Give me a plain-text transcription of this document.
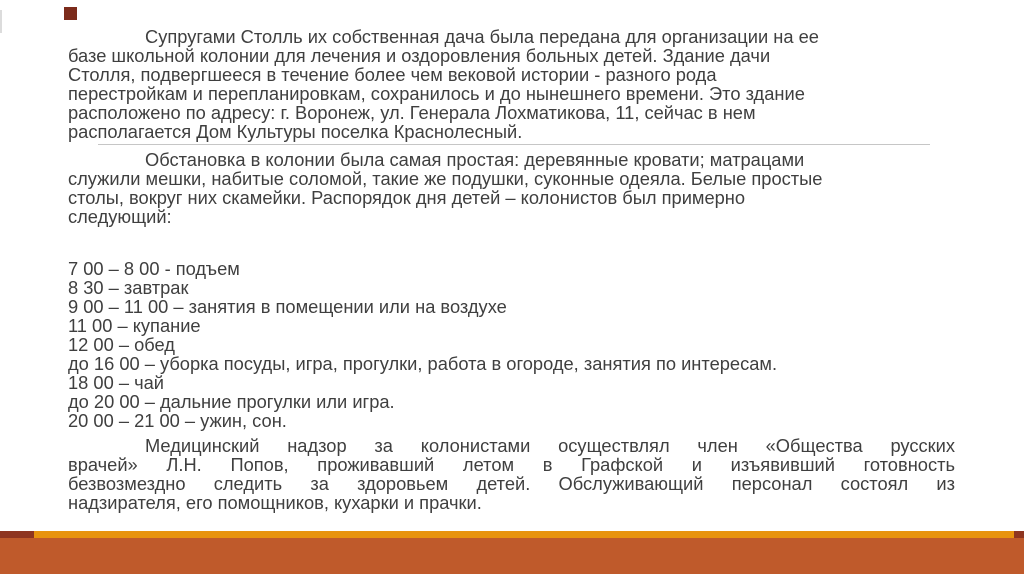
Супругами Столль их собственная дача была передана для организации на ее
базе школьной колонии для лечения и оздоровления больных детей. Здание дачи
Столля, подвергшееся в течение более чем вековой истории - разного рода
перестройкам и перепланировкам, сохранилось и до нынешнего времени. Это здание
расположено по адресу: г. Воронеж, ул. Генерала Лохматикова, 11, сейчас в нем
располагается Дом Культуры поселка Краснолесный.
Обстановка в колонии была самая простая: деревянные кровати; матрацами
служили мешки, набитые соломой, такие же подушки, суконные одеяла. Белые простые
столы, вокруг них скамейки. Распорядок дня детей – колонистов был примерно
следующий:
7 00 – 8 00 - подъем
8 30 – завтрак
9 00 – 11 00 – занятия в помещении или на воздухе
11 00 – купание
12 00 – обед
до 16 00 – уборка посуды, игра, прогулки, работа в огороде, занятия по интересам.
18 00 – чай
до 20 00 – дальние прогулки или игра.
20 00 – 21 00 – ужин, сон.
Медицинский надзор за колонистами осуществлял член «Общества русских
врачей» Л.Н. Попов, проживавший летом в Графской и изъявивший готовность
безвозмездно следить за здоровьем детей. Обслуживающий персонал состоял из
надзирателя, его помощников, кухарки и прачки.
